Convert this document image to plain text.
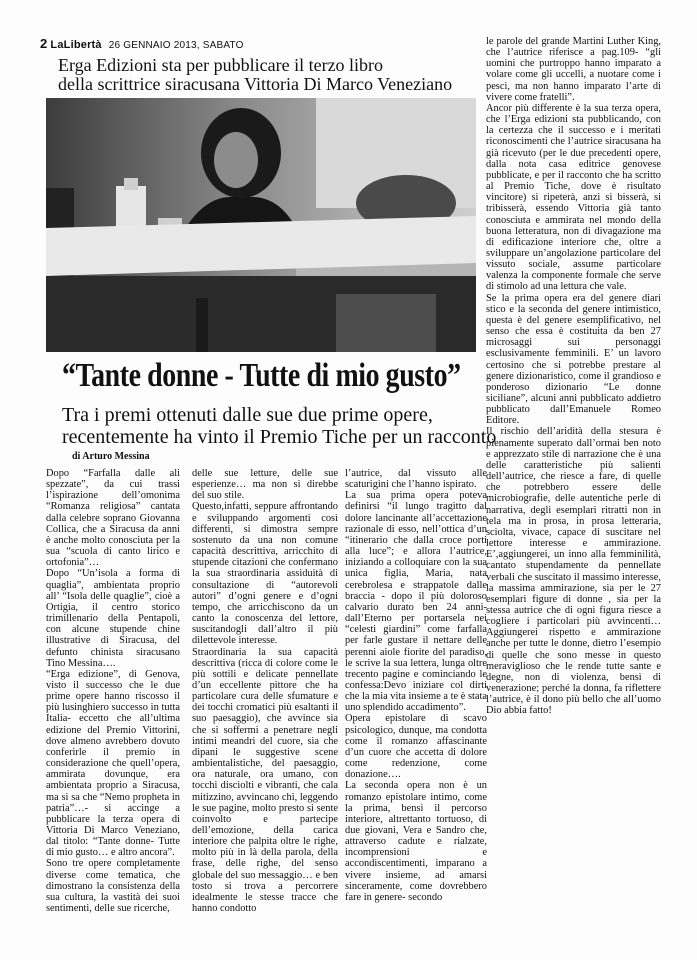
2 LaLibertà 26 GENNAIO 2013, SABATO
Erga Edizioni sta per pubblicare il terzo libro
della scrittrice siracusana Vittoria Di Marco Veneziano
“Tante donne - Tutte di mio gusto”
Tra i premi ottenuti dalle sue due prime opere,
recentemente ha vinto il Premio Tiche per un racconto
di Arturo Messina

Dopo “Farfalla dalle ali spezzate”, da cui trassi l’ispirazione dell’omonima “Romanza religiosa” cantata dalla celebre soprano Giovanna Collica, che a Siracusa da anni è anche molto conosciuta per la sua “scuola di canto lirico e ortofonia”…

Dopo “Un’isola a forma di quaglia”, ambientata proprio all’ “Isola delle quaglie”, cioè a Ortigia, il centro storico trimillenario della Pentapoli, con alcune stupende chine illustrative di Siracusa, del defunto chinista siracusano Tino Messina….

“Erga edizione”, di Genova, visto il successo che le due prime opere hanno riscosso il più lusinghiero successo in tutta Italia- eccetto che all’ultima edizione del Premio Vittorini, dove almeno avrebbero dovuto conferirle il premio in considerazione che quell’opera, ammirata dovunque, era ambientata proprio a Siracusa, ma si sa che “Nemo propheta in patria”…- si accinge a pubblicare la terza opera di Vittoria Di Marco Veneziano, dal titolo: “Tante donne- Tutte di mio gusto… e altro ancora”.

Sono tre opere completamente diverse come tematica, che dimostrano la consistenza della sua cultura, la vastità dei suoi sentimenti, delle sue ricerche,

delle sue letture, delle sue esperienze… ma non si direbbe del suo stile.

Questo,infatti, seppure affrontando e sviluppando argomenti così differenti, si dimostra sempre sostenuto da una non comune capacità descrittiva, arricchito di stupende citazioni che confermano la sua straordinaria assiduità di consultazione di “autorevoli autori” d’ogni genere e d’ogni tempo, che arricchiscono da un canto la conoscenza del lettore, suscitandogli dall’altro il più dilettevole interesse.

Straordinaria la sua capacità descrittiva (ricca di colore come le più sottili e delicate pennellate d’un eccellente pittore che ha particolare cura delle sfumature e dei tocchi cromatici più esaltanti il suo paesaggio), che avvince sia che si soffermi a penetrare negli intimi meandri del cuore, sia che dipani le suggestive scene ambientalistiche, del paesaggio, ora naturale, ora umano, con tocchi disciolti e vibranti, che cala mitizzino, avvincano chi, leggendo le sue pagine, molto presto si sente coinvolto e partecipe dell’emozione, della carica interiore che palpita oltre le righe, molto più in là della parola, della frase, delle righe, del senso globale del suo messaggio… e ben tosto si trova a percorrere idealmente le stesse tracce che hanno condotto

l’autrice, dal vissuto alle scaturigini che l’hanno ispirato.

La sua prima opera poteva definirsi “il lungo tragitto dal dolore lancinante all’accettazione razionale di esso, nell’ottica d’un “itinerario che dalla croce porti alla luce”; e allora l’autrice, iniziando a colloquiare con la sua unica figlia, Maria, nata cerebrolesa e strappatole dalle braccia - dopo il più doloroso calvario durato ben 24 anni- dall’Eterno per portarsela nei “celesti giardini” come farfalla per farle gustare il nettare delle perenni aiole fiorite del paradiso, le scrive la sua lettera, lunga oltre trecento pagine e cominciando le confessa:Devo iniziare col dirti che la mia vita insieme a te è stata uno splendido accadimento”.

Opera epistolare di scavo psicologico, dunque, ma condotta come il romanzo affascinante d’un cuore che accetta di dolore come redenzione, come donazione….

La seconda opera non è un romanzo epistolare intimo, come la prima, bensì il percorso interiore, altrettanto tortuoso, di due giovani, Vera e Sandro che, attraverso cadute e rialzate, incomprensioni e accondiscentimenti, imparano a vivere insieme, ad amarsi sinceramente, come dovrebbero fare in genere- secondo

le parole del grande Martini Luther King, che l’autrice riferisce a pag.109- “gli uomini che purtroppo hanno imparato a volare come gli uccelli, a nuotare come i pesci, ma non hanno imparato l’arte di vivere come fratelli”.

Ancor più differente è la sua terza opera, che l’Erga edizioni sta pubblicando, con la certezza che il successo e i meritati riconoscimenti che l’autrice siracusana ha già ricevuto (per le due precedenti opere, dalla nota casa editrice genovese pubblicate, e per il racconto che ha scritto al Premio Tiche, dove è risultato vincitore) si ripeterà, anzi si bisserà, si tribisserà, essendo Vittoria già tanto conosciuta e ammirata nel mondo della buona letteratura, non di divagazione ma di edificazione interiore che, oltre a sviluppare un’angolazione particolare del vissuto sociale, assume particolare valenza la componente formale che serve di stimolo ad una lettura che vale.

Se la prima opera era del genere diari stico e la seconda del genere intimistico, questa è del genere esemplificativo, nel senso che essa è costituita da ben 27 microsaggi sui personaggi esclusivamente femminili. E’ un lavoro certosino che si potrebbe prestare al genere dizionaristico, come il grandioso e ponderoso dizionario “Le donne siciliane”, alcuni anni pubblicato addietro pubblicato dall’Emanuele Romeo Editore.

Il rischio dell’aridità della stesura è pienamente superato dall’ormai ben noto e apprezzato stile di narrazione che è una delle caratteristiche più salienti dell’autrice, che riesce a fare, di quelle che potrebbero essere delle microbiografie, delle autentiche perle di narrativa, degli esemplari ritratti non in tela ma in prosa, in prosa letteraria, sciolta, vivace, capace di suscitare nel lettore interesse e ammirazione. E’,aggiungerei, un inno alla femminilità, cantato stupendamente da pennellate verbali che suscitato il massimo interesse, la massima ammirazione, sia per le 27 esemplari figure di donne , sia per la stessa autrice che di ogni figura riesce a cogliere i particolari più avvincenti… Aggiungerei rispetto e ammirazione anche per tutte le donne, dietro l’esempio di quelle che sono messe in questo meraviglioso che le rende tutte sante e degne, non di violenza, bensì di venerazione; perché la donna, fa riflettere l’autrice, è il dono più bello che all’uomo Dio abbia fatto!
